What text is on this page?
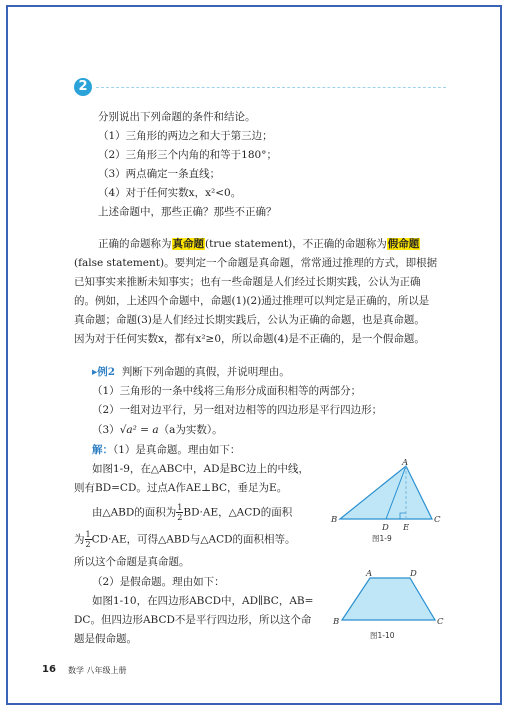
2
分别说出下列命题的条件和结论。
（1）三角形的两边之和大于第三边；
（2）三角形三个内角的和等于180°；
（3）两点确定一条直线；
（4）对于任何实数x，x²<0。
上述命题中，那些正确？那些不正确？
正确的命题称为真命题(true statement)，不正确的命题称为假命题
(false statement)。要判定一个命题是真命题，常常通过推理的方式，即根据
已知事实来推断未知事实；也有一些命题是人们经过长期实践，公认为正确
的。例如，上述四个命题中，命题(1)(2)通过推理可以判定是正确的，所以是
真命题；命题(3)是人们经过长期实践后，公认为正确的命题，也是真命题。
因为对于任何实数x，都有x²≥0，所以命题(4)是不正确的，是一个假命题。
▸例2 判断下列命题的真假，并说明理由。
（1）三角形的一条中线将三角形分成面积相等的两部分；
（2）一组对边平行，另一组对边相等的四边形是平行四边形；
（3）√a² = a（a为实数）。
解：（1）是真命题。理由如下：
如图1-9，在△ABC中，AD是BC边上的中线，
则有BD=CD。过点A作AE⊥BC，垂足为E。
由△ABD的面积为 $\frac{1}{2} BD\cdot AE$，△ACD的面积
为 $\frac{1}{2} CD\cdot AE$，可得△ABD与△ACD的面积相等。
所以这个命题是真命题。
（2）是假命题。理由如下：
如图1-10，在四边形ABCD中，AD∥BC，AB=
DC。但四边形ABCD不是平行四边形，所以这个命
题是假命题。
A
B	C
D E
图1-9
A	D
B	C
图1-10
16 数学 八年级上册
